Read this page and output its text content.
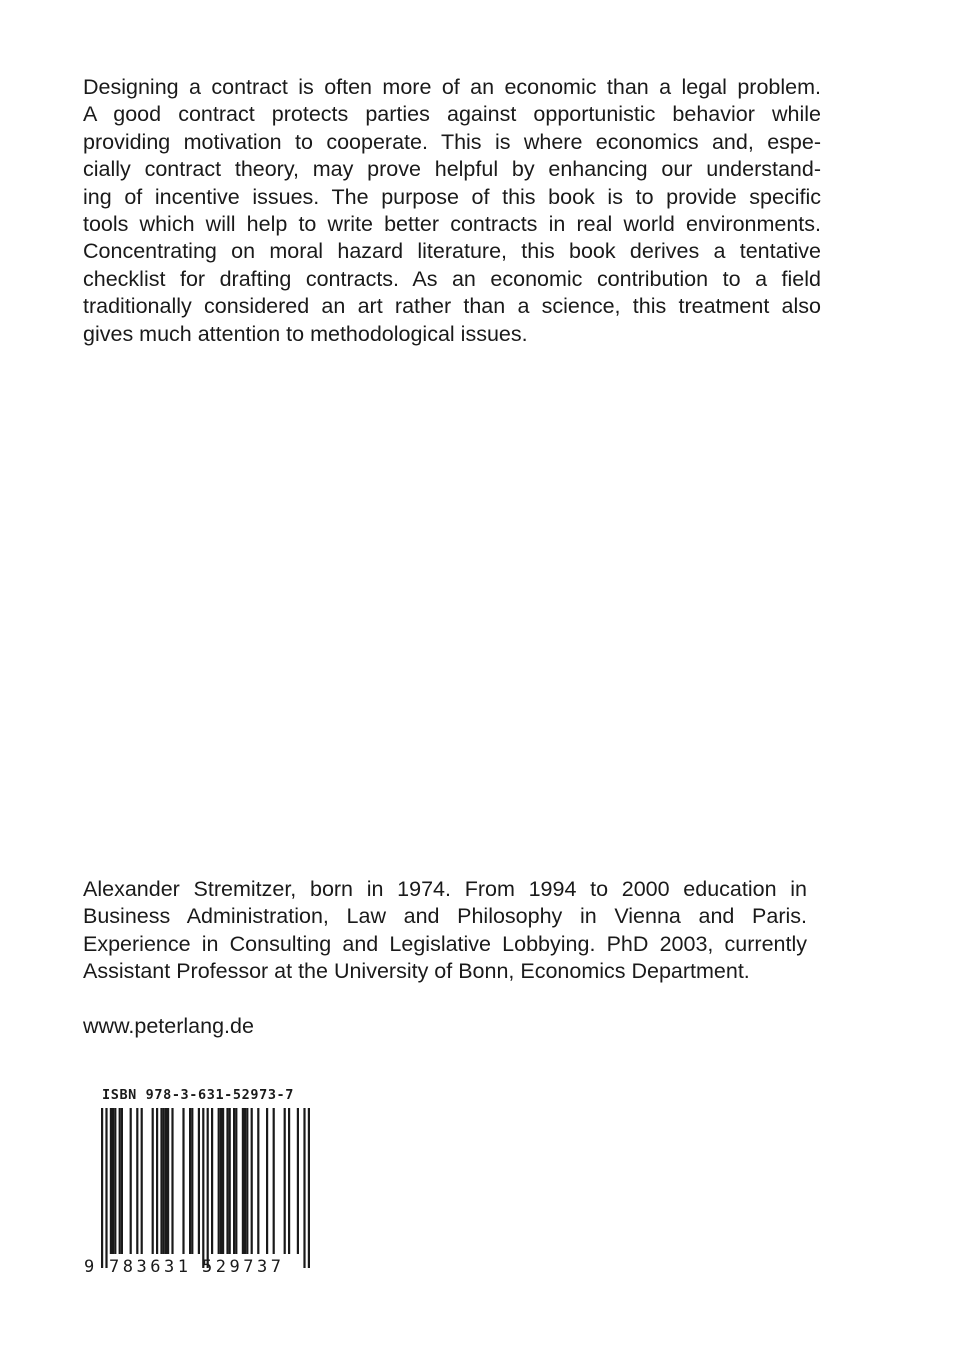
Designing a contract is often more of an economic than a legal problem.
A good contract protects parties against opportunistic behavior while
providing motivation to cooperate. This is where economics and, espe-
cially contract theory, may prove helpful by enhancing our understand-
ing of incentive issues. The purpose of this book is to provide specific
tools which will help to write better contracts in real world environments.
Concentrating on moral hazard literature, this book derives a tentative
checklist for drafting contracts. As an economic contribution to a field
traditionally considered an art rather than a science, this treatment also
gives much attention to methodological issues.

Alexander Stremitzer, born in 1974. From 1994 to 2000 education in
Business Administration, Law and Philosophy in Vienna and Paris.
Experience in Consulting and Legislative Lobbying. PhD 2003, currently
Assistant Professor at the University of Bonn, Economics Department.

www.peterlang.de

ISBN 978-3-631-52973-7

9 783631 529737
